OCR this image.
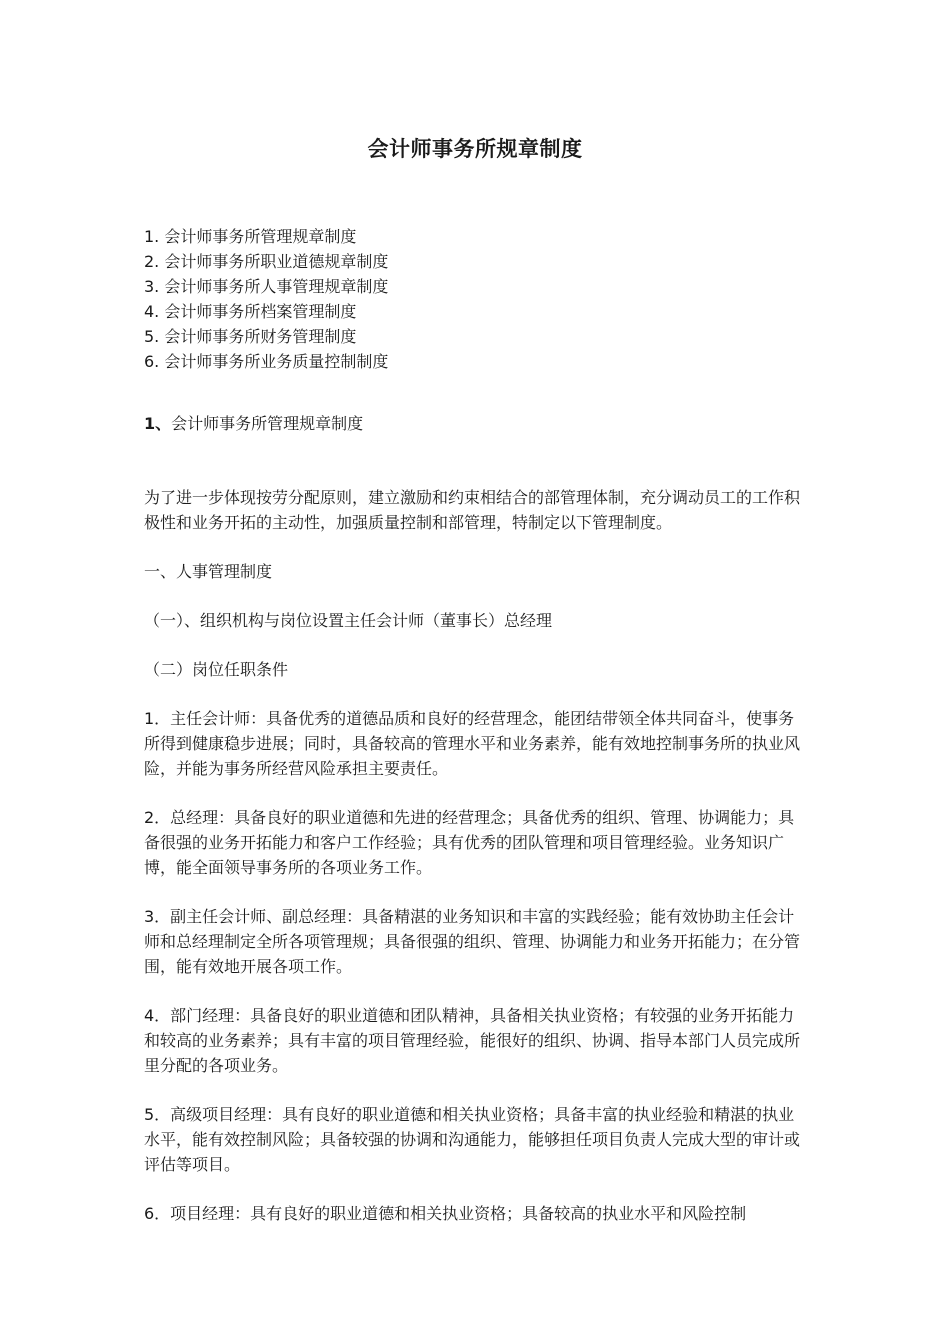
会计师事务所规章制度
1. 会计师事务所管理规章制度
2. 会计师事务所职业道德规章制度
3. 会计师事务所人事管理规章制度
4. 会计师事务所档案管理制度
5. 会计师事务所财务管理制度
6. 会计师事务所业务质量控制制度

1、会计师事务所管理规章制度

为了进一步体现按劳分配原则，建立激励和约束相结合的部管理体制，充分调动员工的工作积极性和业务开拓的主动性，加强质量控制和部管理，特制定以下管理制度。

一、人事管理制度

（一）、组织机构与岗位设置主任会计师（董事长）总经理

（二）岗位任职条件

1．主任会计师：具备优秀的道德品质和良好的经营理念，能团结带领全体共同奋斗，使事务所得到健康稳步进展；同时，具备较高的管理水平和业务素养，能有效地控制事务所的执业风险，并能为事务所经营风险承担主要责任。

2．总经理：具备良好的职业道德和先进的经营理念；具备优秀的组织、管理、协调能力；具备很强的业务开拓能力和客户工作经验；具有优秀的团队管理和项目管理经验。业务知识广博，能全面领导事务所的各项业务工作。

3．副主任会计师、副总经理：具备精湛的业务知识和丰富的实践经验；能有效协助主任会计师和总经理制定全所各项管理规；具备很强的组织、管理、协调能力和业务开拓能力；在分管围，能有效地开展各项工作。

4．部门经理：具备良好的职业道德和团队精神，具备相关执业资格；有较强的业务开拓能力和较高的业务素养；具有丰富的项目管理经验，能很好的组织、协调、指导本部门人员完成所里分配的各项业务。

5．高级项目经理：具有良好的职业道德和相关执业资格；具备丰富的执业经验和精湛的执业水平，能有效控制风险；具备较强的协调和沟通能力，能够担任项目负责人完成大型的审计或评估等项目。

6．项目经理：具有良好的职业道德和相关执业资格；具备较高的执业水平和风险控制
